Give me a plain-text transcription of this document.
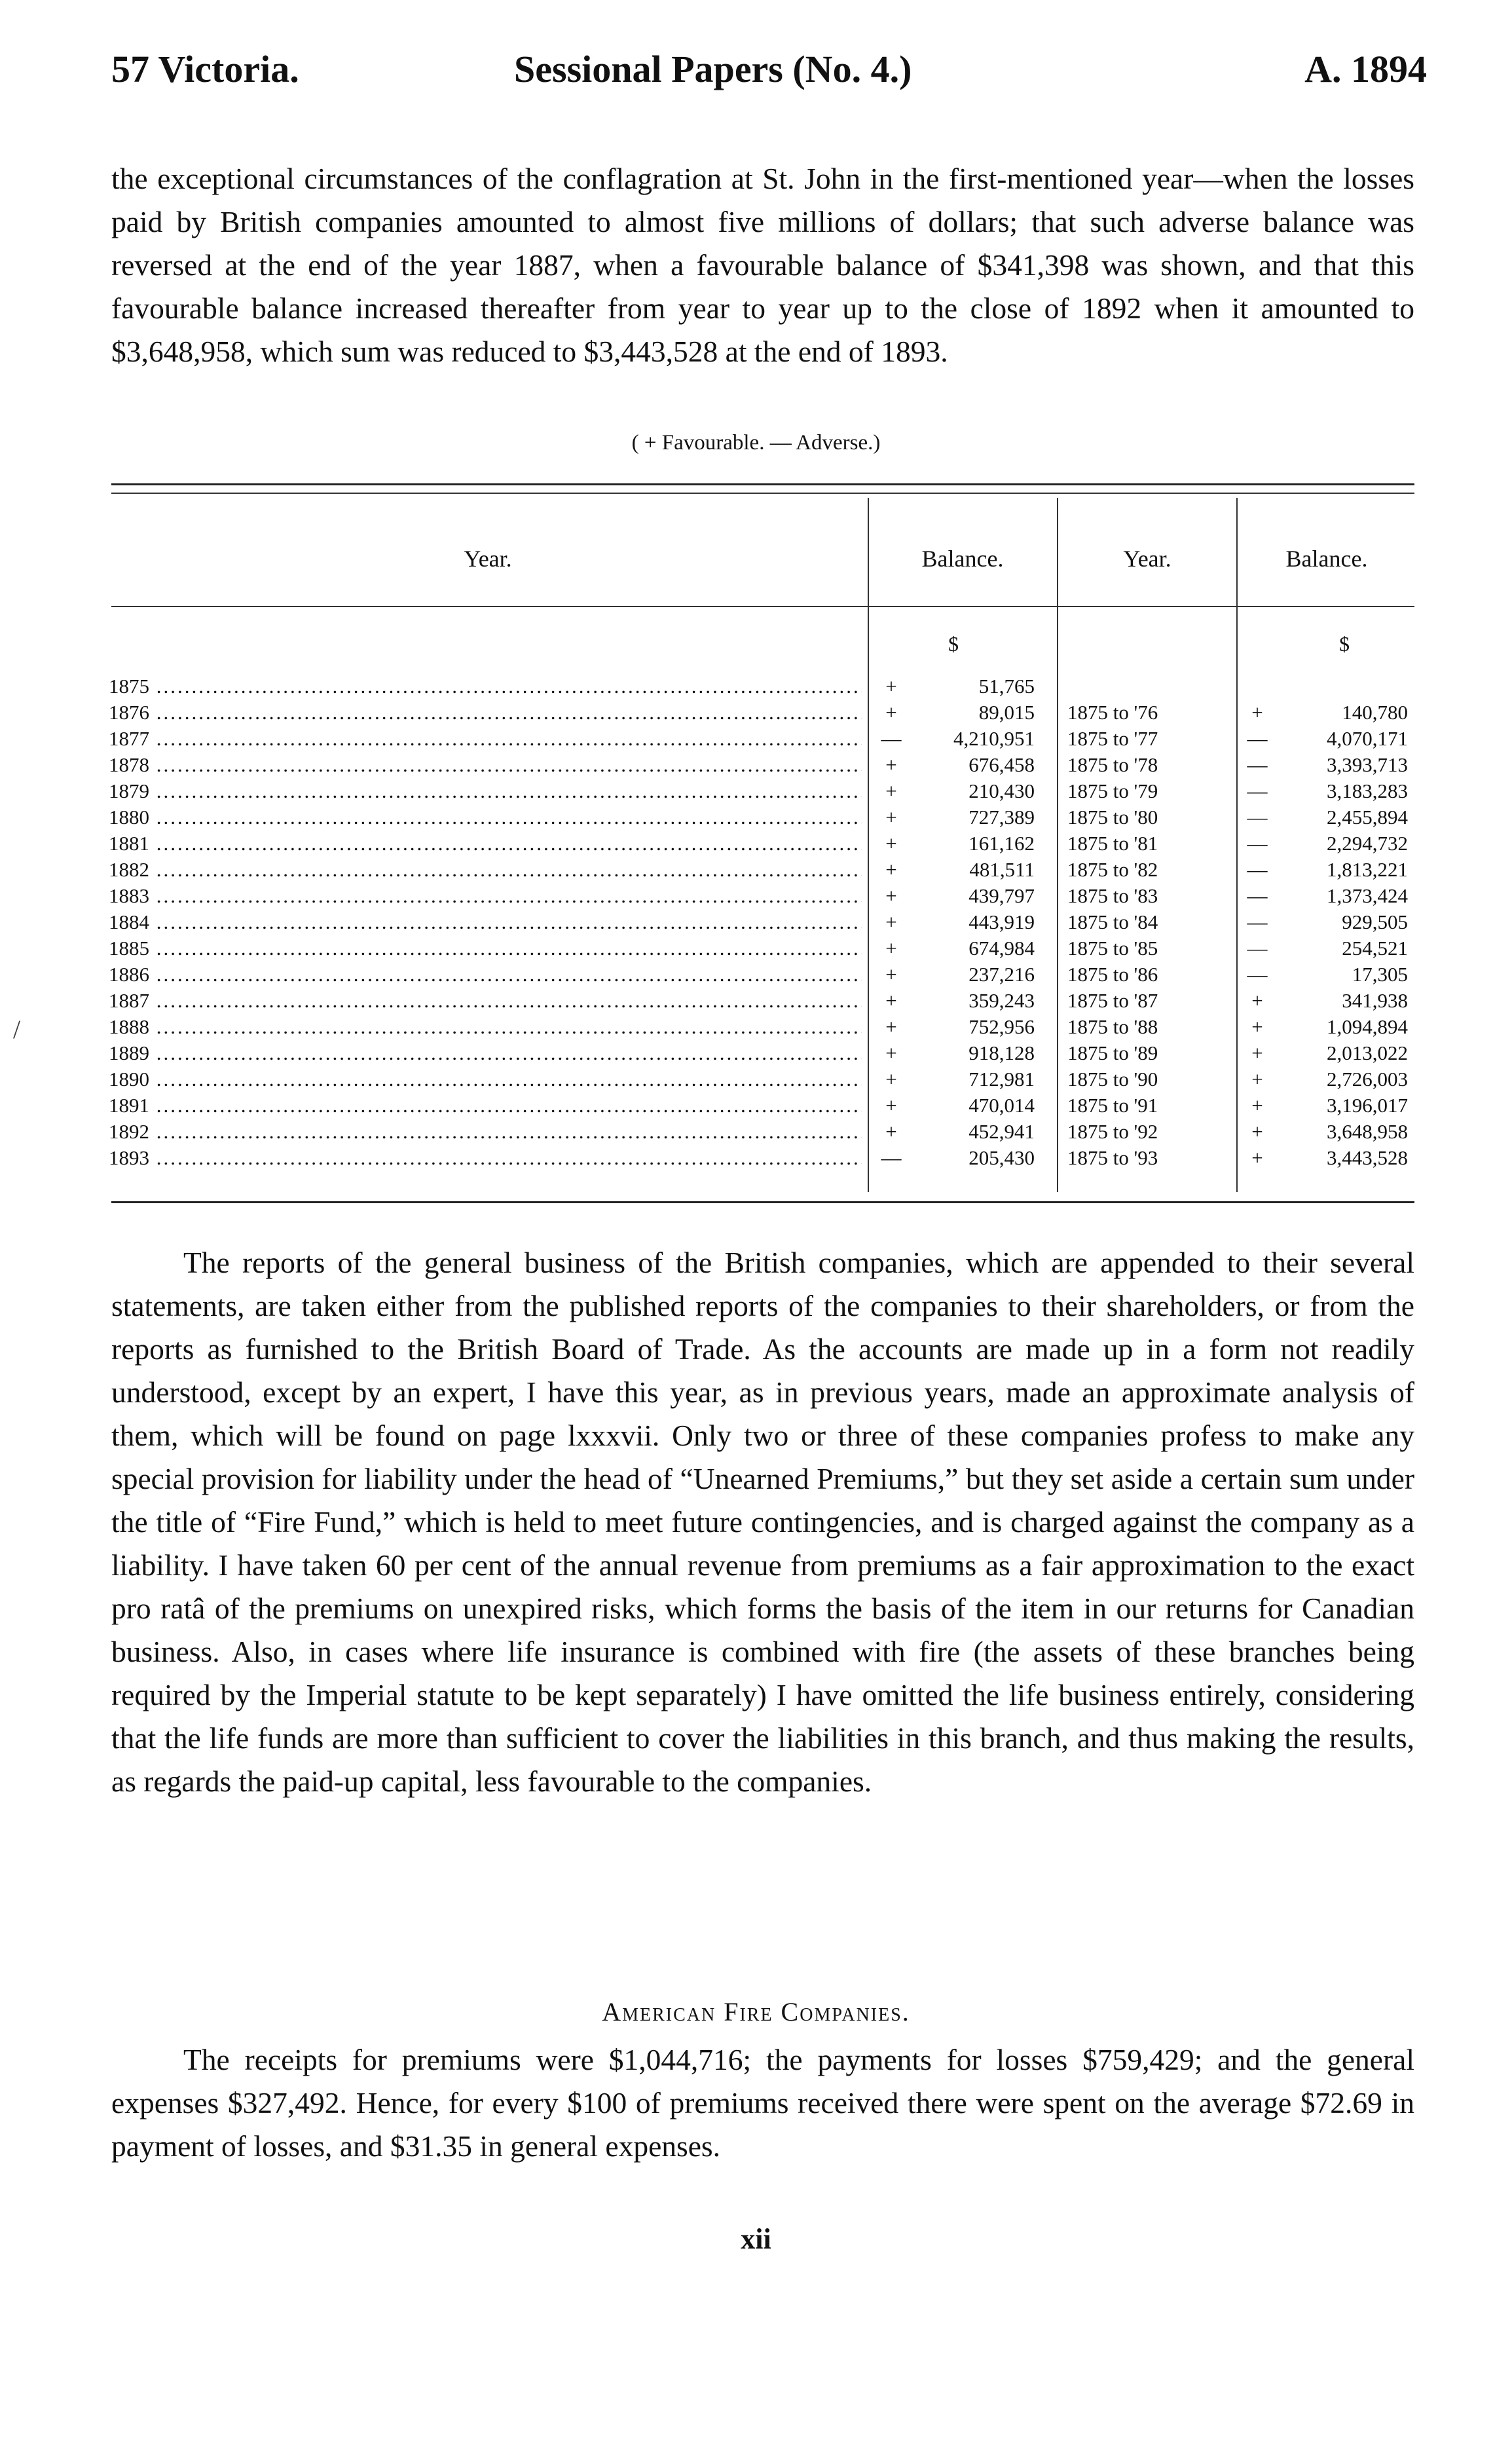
57 Victoria.	Sessional Papers (No. 4.)	A. 1894
the exceptional circumstances of the conflagration at St. John in the first-mentioned year—when the losses paid by British companies amounted to almost five millions of dollars; that such adverse balance was reversed at the end of the year 1887, when a favourable balance of $341,398 was shown, and that this favourable balance increased thereafter from year to year up to the close of 1892 when it amounted to $3,648,958, which sum was reduced to $3,443,528 at the end of 1893.
( + Favourable. — Adverse.)
Year.	Balance.	Year.	Balance.
$	$
1875 .....	+	51,765
1876 .....	+	89,015 1875 to '76	+	140,780
1877 .....	—	4,210,951 1875 to '77	—	4,070,171
1878 .....	+	676,458 1875 to '78	—	3,393,713
1879 .....	+	210,430 1875 to '79	—	3,183,283
1880 .....	+	727,389 1875 to '80	—	2,455,894
1881 .....	+	161,162 1875 to '81	—	2,294,732
1882 .....	+	481,511 1875 to '82	—	1,813,221
1883 .....	+	439,797 1875 to '83	—	1,373,424
1884 .....	+	443,919 1875 to '84	—	929,505
1885 .....	+	674,984 1875 to '85	—	254,521
1886 .....	+	237,216 1875 to '86	—	17,305
1887 .....	+	359,243 1875 to '87	+	341,938
1888 .....	+	752,956 1875 to '88	+	1,094,894
1889 .....	+	918,128 1875 to '89	+	2,013,022
1890 .....	+	712,981 1875 to '90	+	2,726,003
1891 .....	+	470,014 1875 to '91	+	3,196,017
1892 .....	+	452,941 1875 to '92	+	3,648,958
1893 .....	—	205,430 1875 to '93	+	3,443,528
The reports of the general business of the British companies, which are appended to their several statements, are taken either from the published reports of the companies to their shareholders, or from the reports as furnished to the British Board of Trade. As the accounts are made up in a form not readily understood, except by an expert, I have this year, as in previous years, made an approximate analysis of them, which will be found on page lxxxvii. Only two or three of these companies profess to make any special provision for liability under the head of “Unearned Premiums,” but they set aside a certain sum under the title of “Fire Fund,” which is held to meet future contingencies, and is charged against the company as a liability. I have taken 60 per cent of the annual revenue from premiums as a fair approximation to the exact pro ratâ of the premiums on unexpired risks, which forms the basis of the item in our returns for Canadian business. Also, in cases where life insurance is combined with fire (the assets of these branches being required by the Imperial statute to be kept separately) I have omitted the life business entirely, considering that the life funds are more than sufficient to cover the liabilities in this branch, and thus making the results, as regards the paid-up capital, less favourable to the companies.
American Fire Companies.
The receipts for premiums were $1,044,716; the payments for losses $759,429; and the general expenses $327,492. Hence, for every $100 of premiums received there were spent on the average $72.69 in payment of losses, and $31.35 in general expenses.
xii
/
